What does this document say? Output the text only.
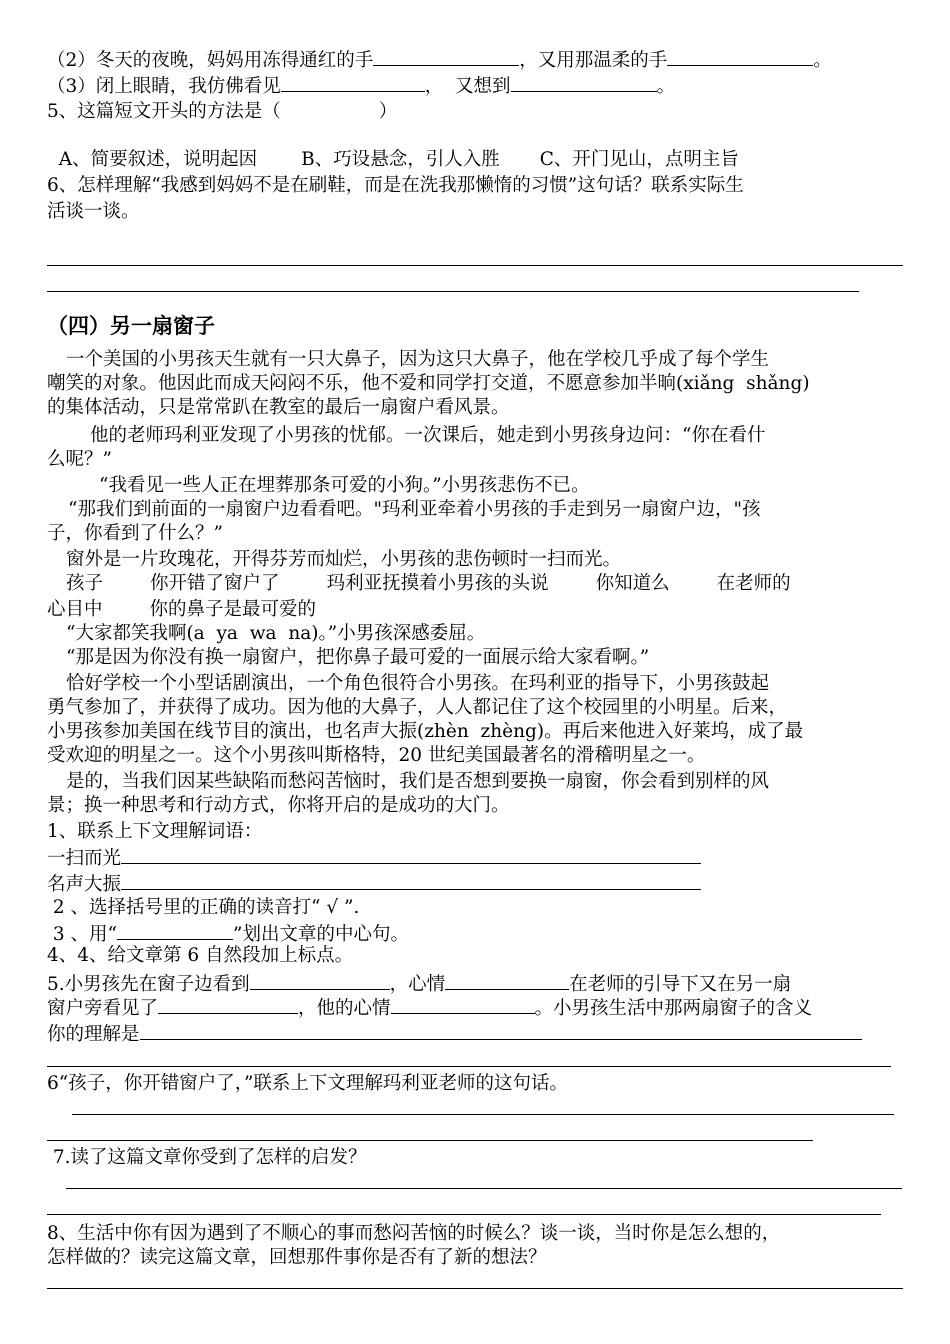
（2）冬天的夜晚，妈妈用冻得通红的手	，又用那温柔的手	。
（3）闭上眼睛，我仿佛看见	，  又想到	。
5、这篇短文开头的方法是（	）

A、简要叙述，说明起因 B、巧设悬念，引人入胜 C、开门见山，点明主旨

6、怎样理解“我感到妈妈不是在刷鞋，而是在洗我那懒惰的习惯”这句话？联系实际生
活谈一谈。
（四）另一扇窗子
一个美国的小男孩天生就有一只大鼻子，因为这只大鼻子，他在学校几乎成了每个学生
嘲笑的对象。他因此而成天闷闷不乐，他不爱和同学打交道，不愿意参加半晌(xiǎng  shǎng)
的集体活动，只是常常趴在教室的最后一扇窗户看风景。
他的老师玛利亚发现了小男孩的忧郁。一次课后，她走到小男孩身边问：“你在看什
么呢？”
“我看见一些人正在埋葬那条可爱的小狗。”小男孩悲伤不已。
“那我们到前面的一扇窗户边看看吧。"玛利亚牵着小男孩的手走到另一扇窗户边，"孩
子，你看到了什么？”
窗外是一片玫瑰花，开得芬芳而灿烂，小男孩的悲伤顿时一扫而光。
孩子        你开错了窗户了        玛利亚抚摸着小男孩的头说        你知道么        在老师的
心目中        你的鼻子是最可爱的
“大家都笑我啊(a  ya  wa  na)。”小男孩深感委屈。
“那是因为你没有换一扇窗户，把你鼻子最可爱的一面展示给大家看啊。”
恰好学校一个小型话剧演出，一个角色很符合小男孩。在玛利亚的指导下，小男孩鼓起
勇气参加了，并获得了成功。因为他的大鼻子，人人都记住了这个校园里的小明星。后来，
小男孩参加美国在线节目的演出，也名声大振(zhèn  zhèng)。再后来他进入好莱坞，成了最
受欢迎的明星之一。这个小男孩叫斯格特，20 世纪美国最著名的滑稽明星之一。
是的，当我们因某些缺陷而愁闷苦恼时，我们是否想到要换一扇窗，你会看到别样的风
景；换一种思考和行动方式，你将开启的是成功的大门。
1、联系上下文理解词语：
一扫而光
名声大振
2 、选择括号里的正确的读音打“ √ ”.
3 、用“	”划出文章的中心句。
4、4、给文章第 6 自然段加上标点。
5.小男孩先在窗子边看到	，心情	在老师的引导下又在另一扇
窗户旁看见了	，他的心情	。小男孩生活中那两扇窗子的含义
你的理解是
6“孩子，你开错窗户了，”联系上下文理解玛利亚老师的这句话。
7.读了这篇文章你受到了怎样的启发？
8、生活中你有因为遇到了不顺心的事而愁闷苦恼的时候么？谈一谈，当时你是怎么想的，
怎样做的？读完这篇文章，回想那件事你是否有了新的想法？
